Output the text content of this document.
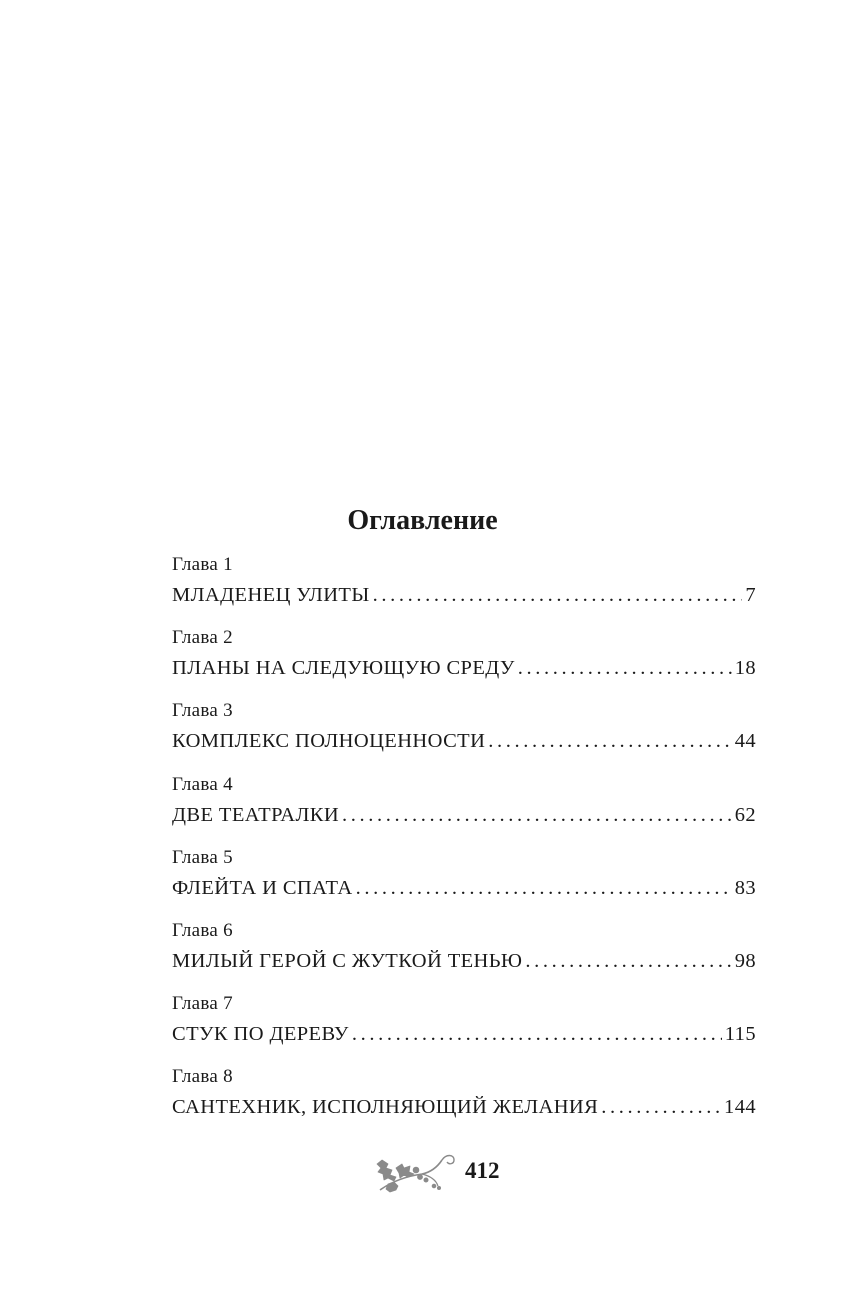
Оглавление
Глава 1
МЛАДЕНЕЦ УЛИТЫ . . .	7
Глава 2
ПЛАНЫ НА СЛЕДУЮЩУЮ СРЕДУ . . .	18
Глава 3
КОМПЛЕКС ПОЛНОЦЕННОСТИ . . .	44
Глава 4
ДВЕ ТЕАТРАЛКИ . . .	62
Глава 5
ФЛЕЙТА И СПАТА . . .	83
Глава 6
МИЛЫЙ ГЕРОЙ С ЖУТКОЙ ТЕНЬЮ . . .	98
Глава 7
СТУК ПО ДЕРЕВУ . . .	115
Глава 8
САНТЕХНИК, ИСПОЛНЯЮЩИЙ ЖЕЛАНИЯ . . .	144
412
